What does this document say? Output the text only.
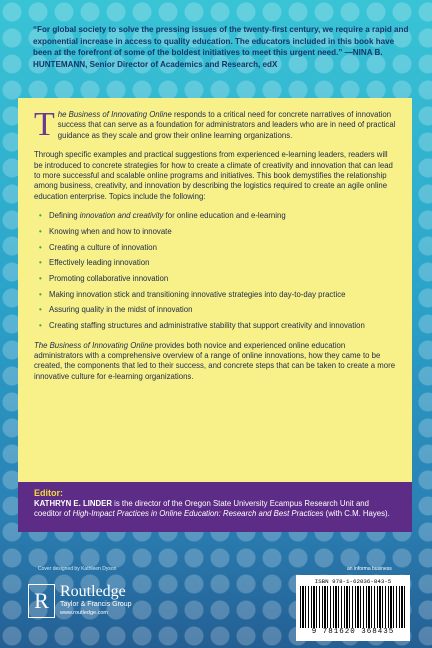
“For global society to solve the pressing issues of the twenty-first century, we require a rapid and exponential increase in access to quality education. The educators included in this book have been at the forefront of some of the boldest initiatives to meet this urgent need.” —NINA B. HUNTEMANN, Senior Director of Academics and Research, edX

The Business of Innovating Online responds to a critical need for concrete narratives of innovation success that can serve as a foundation for administrators and leaders who are in need of practical guidance as they scale and grow their online learning organizations.

Through specific examples and practical suggestions from experienced e-learning leaders, readers will be introduced to concrete strategies for how to create a climate of creativity and innovation that can lead to more successful and scalable online programs and initiatives. This book demystifies the relationship among business, creativity, and innovation by describing the logistics required to create an agile online education enterprise. Topics include the following:

• Defining innovation and creativity for online education and e-learning
• Knowing when and how to innovate
• Creating a culture of innovation
• Effectively leading innovation
• Promoting collaborative innovation
• Making innovation stick and transitioning innovative strategies into day-to-day practice
• Assuring quality in the midst of innovation
• Creating staffing structures and administrative stability that support creativity and innovation

The Business of Innovating Online provides both novice and experienced online education administrators with a comprehensive overview of a range of online innovations, how they came to be created, the components that led to their success, and concrete steps that can be taken to create a more innovative culture for e-learning organizations.

Editor:
KATHRYN E. LINDER is the director of the Oregon State University Ecampus Research Unit and coeditor of High-Impact Practices in Online Education: Research and Best Practices (with C.M. Hayes).
Cover designed by Kathleen Dyson
R Routledge
Taylor & Francis Group
www.routledge.com
an informa business
ISBN 978-1-62036-843-5
9 781620 368435
